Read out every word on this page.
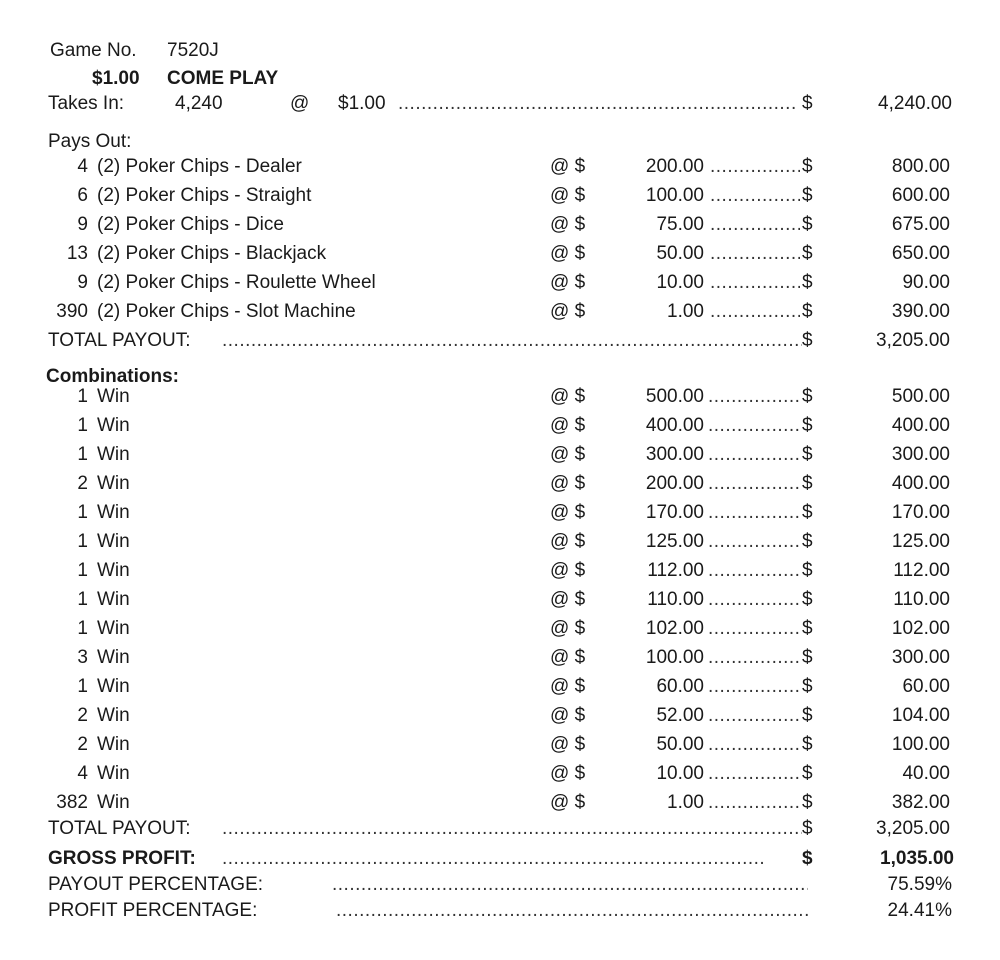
Game No. 7520J
$1.00 COME PLAY
Takes In:	4,240	@ $1.00 .....	$	4,240.00
Pays Out:
4 (2) Poker Chips - Dealer	@ $	200.00 .....	$	800.00
6 (2) Poker Chips - Straight	@ $	100.00 .....	$	600.00
9 (2) Poker Chips - Dice	@ $	75.00 .....	$	675.00
13 (2) Poker Chips - Blackjack	@ $	50.00 .....	$	650.00
9 (2) Poker Chips - Roulette Wheel	@ $	10.00 .....	$	90.00
390 (2) Poker Chips - Slot Machine	@ $	1.00 .....	$	390.00
TOTAL PAYOUT: .....	$	3,205.00
Combinations:
1 Win	@ $	500.00 .....	$	500.00
1 Win	@ $	400.00 .....	$	400.00
1 Win	@ $	300.00 .....	$	300.00
2 Win	@ $	200.00 .....	$	400.00
1 Win	@ $	170.00 .....	$	170.00
1 Win	@ $	125.00 .....	$	125.00
1 Win	@ $	112.00 .....	$	112.00
1 Win	@ $	110.00 .....	$	110.00
1 Win	@ $	102.00 .....	$	102.00
3 Win	@ $	100.00 .....	$	300.00
1 Win	@ $	60.00 .....	$	60.00
2 Win	@ $	52.00 .....	$	104.00
2 Win	@ $	50.00 .....	$	100.00
4 Win	@ $	10.00 .....	$	40.00
382 Win	@ $	1.00 .....	$	382.00
TOTAL PAYOUT: .....	$	3,205.00
GROSS PROFIT: .....	$	1,035.00
PAYOUT PERCENTAGE: .....	75.59%
PROFIT PERCENTAGE: .....	24.41%
